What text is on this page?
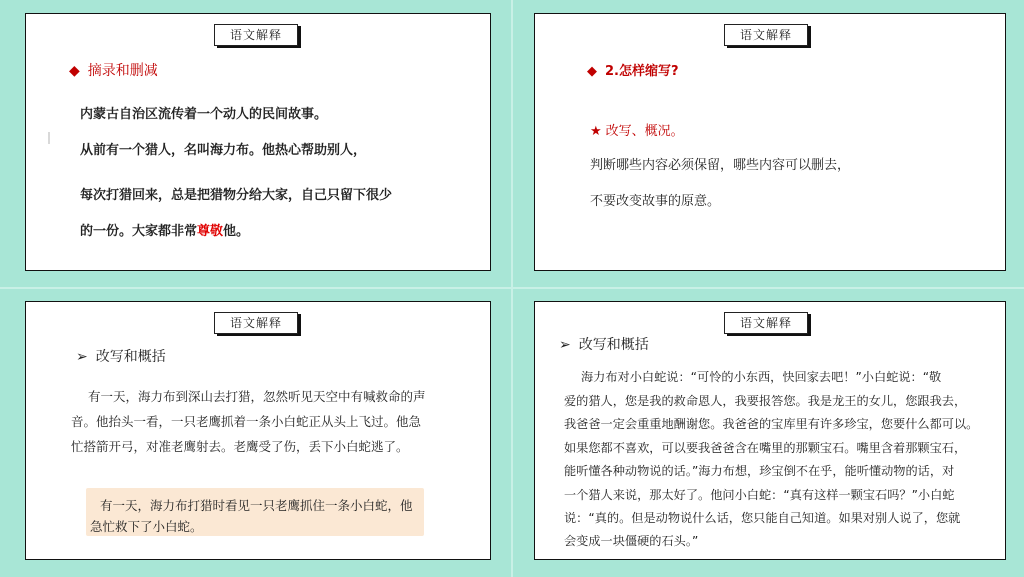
语文解释
◆ 摘录和删减
内蒙古自治区流传着一个动人的民间故事。
从前有一个猎人，名叫海力布。他热心帮助别人，
每次打猎回来，总是把猎物分给大家，自己只留下很少
的一份。大家都非常尊敬他。
语文解释
◆ 2.怎样缩写?
★ 改写、概况。
判断哪些内容必须保留，哪些内容可以删去，
不要改变故事的原意。
语文解释
➢ 改写和概括
有一天，海力布到深山去打猎，忽然听见天空中有喊救命的声
音。他抬头一看，一只老鹰抓着一条小白蛇正从头上飞过。他急
忙搭箭开弓，对准老鹰射去。老鹰受了伤，丢下小白蛇逃了。
有一天，海力布打猎时看见一只老鹰抓住一条小白蛇，他
急忙救下了小白蛇。
语文解释
➢ 改写和概括
海力布对小白蛇说：“可怜的小东西，快回家去吧！”小白蛇说：“敬
爱的猎人，您是我的救命恩人，我要报答您。我是龙王的女儿，您跟我去，
我爸爸一定会重重地酬谢您。我爸爸的宝库里有许多珍宝，您要什么都可以。
如果您都不喜欢，可以要我爸爸含在嘴里的那颗宝石。嘴里含着那颗宝石，
能听懂各种动物说的话。”海力布想，珍宝倒不在乎，能听懂动物的话，对
一个猎人来说，那太好了。他问小白蛇：“真有这样一颗宝石吗？”小白蛇
说：“真的。但是动物说什么话，您只能自己知道。如果对别人说了，您就
会变成一块僵硬的石头。”
